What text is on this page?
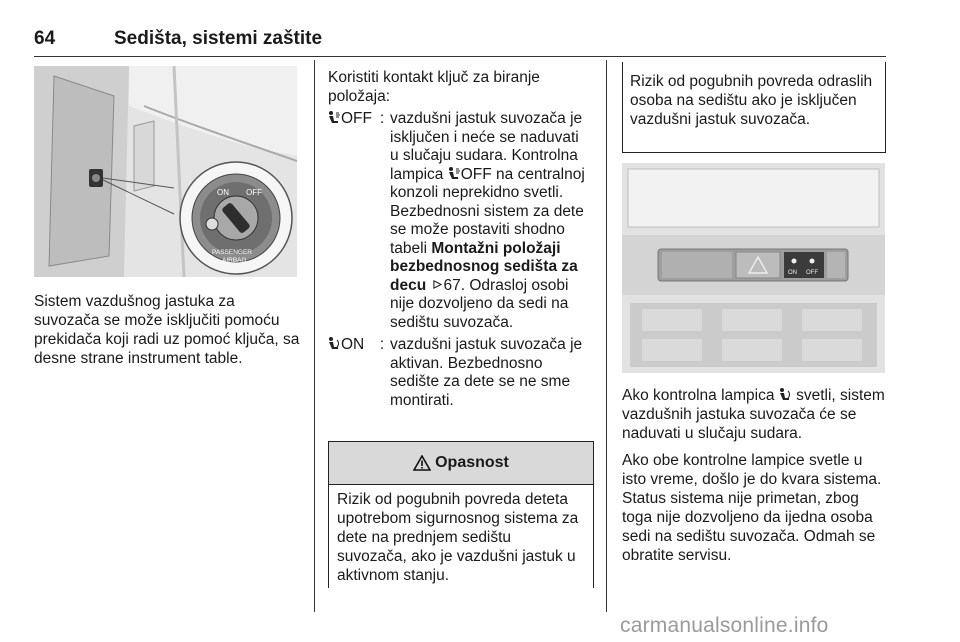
64	Sedišta, sistemi zaštite
ON OFF
PASSENGER
AIRBAG

Sistem vazdušnog jastuka za suvozača se može isključiti pomoću prekidača koji radi uz pomoć ključa, sa desne strane instrument table.

Koristiti kontakt ključ za biranje položaja:

OFF : vazdušni jastuk suvozača je isključen i neće se naduvati u slučaju sudara. Kontrolna lampica OFF na centralnoj konzoli neprekidno svetli. Bezbednosni sistem za dete se može postaviti shodno tabeli Montažni položaji bezbednosnog sedišta za decu 67. Odrasloj osobi nije dozvoljeno da sedi na sedištu suvozača.
ON	: vazdušni jastuk suvozača je aktivan. Bezbednosno sedište za dete se ne sme montirati.
Opasnost
Rizik od pogubnih povreda deteta upotrebom sigurnosnog sistema za dete na prednjem sedištu suvozača, ako je vazdušni jastuk u aktivnom stanju.
Rizik od pogubnih povreda odraslih osoba na sedištu ako je isključen vazdušni jastuk suvozača.
ON OFF

Ako kontrolna lampica  svetli, sistem vazdušnih jastuka suvozača će se naduvati u slučaju sudara.

Ako obe kontrolne lampice svetle u isto vreme, došlo je do kvara sistema. Status sistema nije primetan, zbog toga nije dozvoljeno da ijedna osoba sedi na sedištu suvozača. Odmah se obratite servisu.

carmanualsonline.info
